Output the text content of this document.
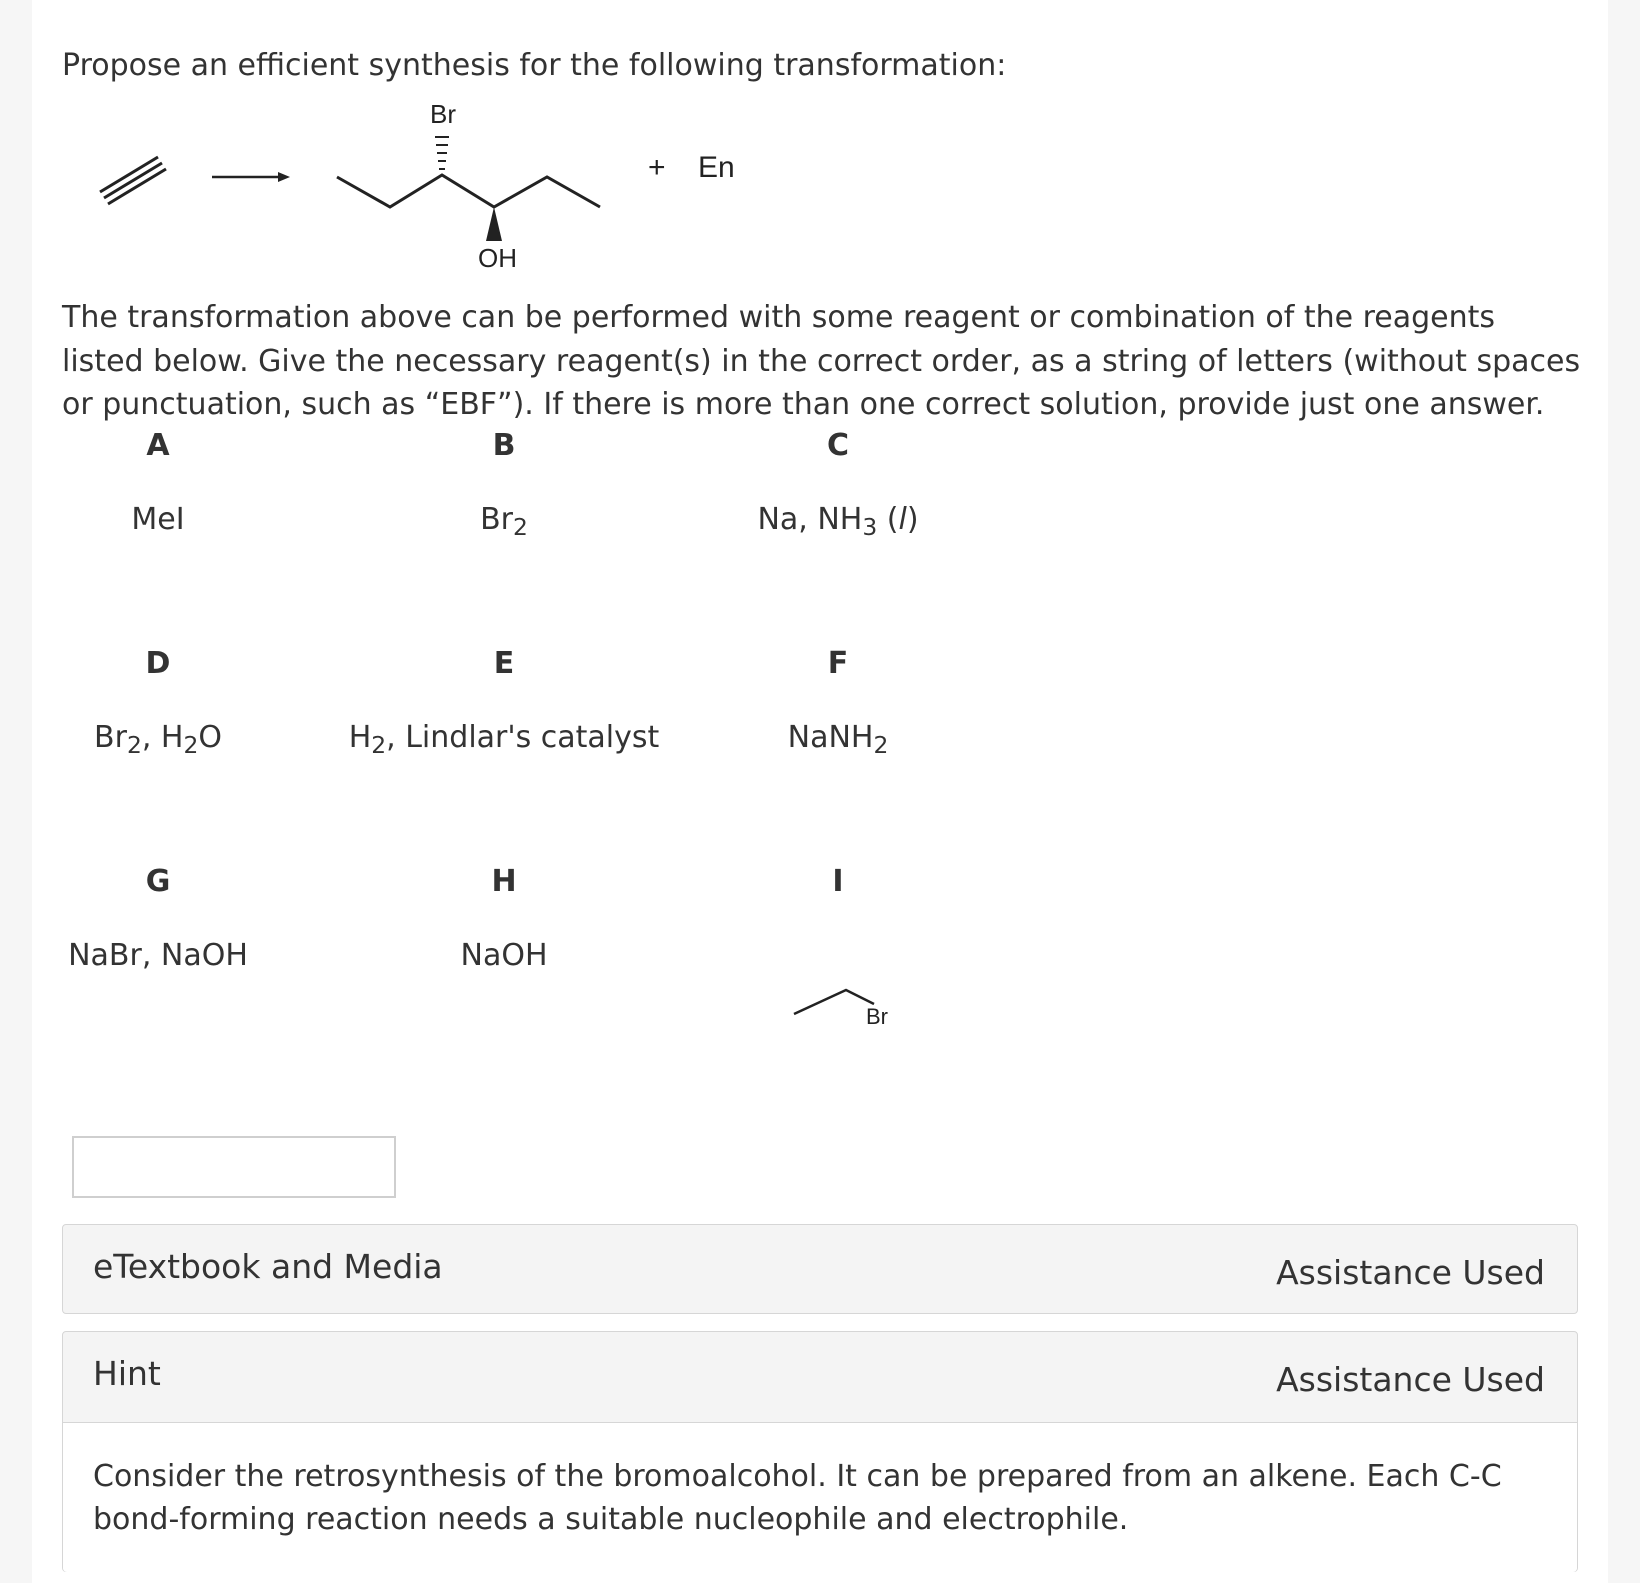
Propose an efficient synthesis for the following transformation:
Br
OH
+ En
The transformation above can be performed with some reagent or combination of the reagents listed below. Give the necessary reagent(s) in the correct order, as a string of letters (without spaces or punctuation, such as “EBF”). If there is more than one correct solution, provide just one answer.
A
MeI
B
$Br_2$
C
Na, $NH_3$ (l)
D
$Br_2$, $H_2O$
E
$H_2$, Lindlar's catalyst
F
NaNH$_2$
G
NaBr, NaOH
H
NaOH
I
Br
eTextbook and Media	Assistance Used
Hint	Assistance Used
Consider the retrosynthesis of the bromoalcohol. It can be prepared from an alkene. Each C-C bond-forming reaction needs a suitable nucleophile and electrophile.
